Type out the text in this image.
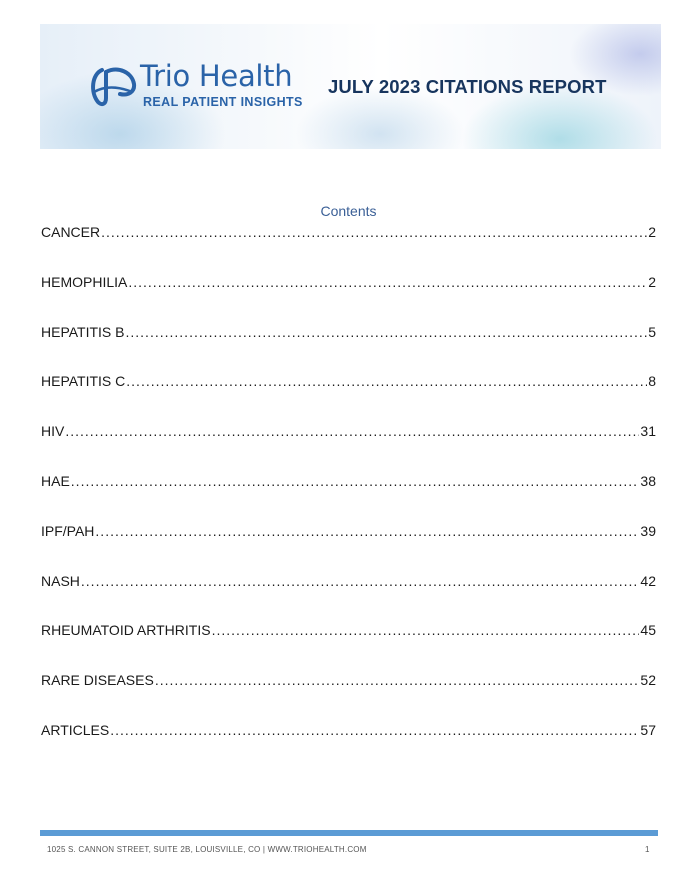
Trio Health
REAL PATIENT INSIGHTS
JULY 2023 CITATIONS REPORT
Contents
CANCER .....	2
HEMOPHILIA .....	2
HEPATITIS B .....	5
HEPATITIS C .....	8
HIV .....	31
HAE .....	38
IPF/PAH .....	39
NASH .....	42
RHEUMATOID ARTHRITIS .....	45
RARE DISEASES .....	52
ARTICLES .....	57
1025 S. CANNON STREET, SUITE 2B, LOUISVILLE, CO | WWW.TRIOHEALTH.COM	1
